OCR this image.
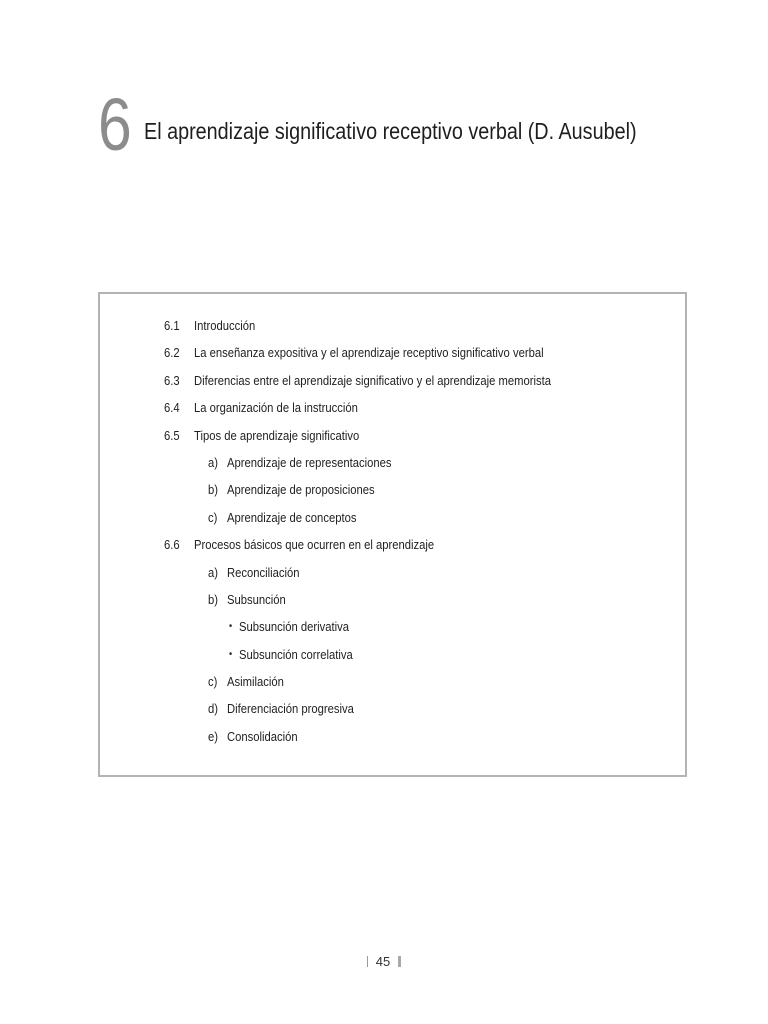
6 El aprendizaje significativo receptivo verbal (D. Ausubel)
6.1 Introducción
6.2 La enseñanza expositiva y el aprendizaje receptivo significativo verbal
6.3 Diferencias entre el aprendizaje significativo y el aprendizaje memorista
6.4 La organización de la instrucción
6.5 Tipos de aprendizaje significativo
a) Aprendizaje de representaciones
b) Aprendizaje de proposiciones
c) Aprendizaje de conceptos
6.6 Procesos básicos que ocurren en el aprendizaje
a) Reconciliación
b) Subsunción
• Subsunción derivativa
• Subsunción correlativa
c) Asimilación
d) Diferenciación progresiva
e) Consolidación
45
